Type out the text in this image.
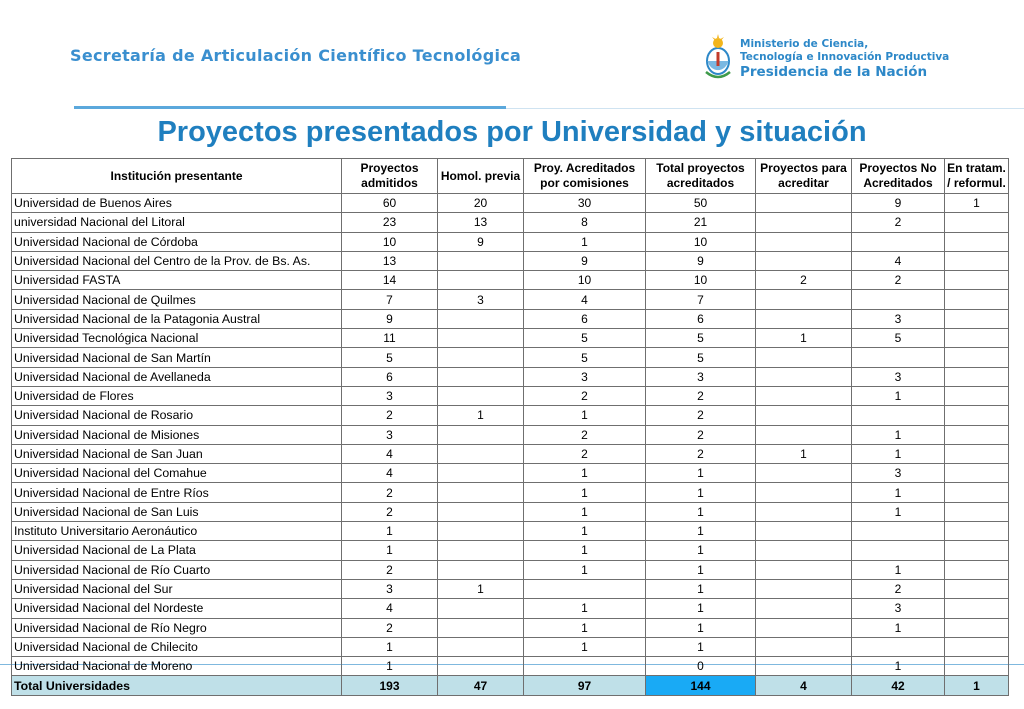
Secretaría de Articulación Científico Tecnológica
Ministerio de Ciencia,
Tecnología e Innovación Productiva
Presidencia de la Nación
Proyectos presentados por Universidad y situación
Institución presentante	Proyectos admitidos	Homol. previa	Proy. Acreditados por comisiones	Total proyectos acreditados	Proyectos para acreditar	Proyectos No Acreditados	En tratam. / reformul.
Universidad de Buenos Aires	60	20	30	50		9	1
universidad Nacional del Litoral	23	13	8	21		2	
Universidad Nacional de Córdoba	10	9	1	10			
Universidad Nacional del Centro de la Prov. de Bs. As.	13		9	9		4	
Universidad FASTA	14		10	10	2	2	
Universidad Nacional de Quilmes	7	3	4	7			
Universidad Nacional de la Patagonia Austral	9		6	6		3	
Universidad Tecnológica Nacional	11		5	5	1	5	
Universidad Nacional de San Martín	5		5	5			
Universidad Nacional de Avellaneda	6		3	3		3	
Universidad de Flores	3		2	2		1	
Universidad Nacional de Rosario	2	1	1	2			
Universidad Nacional de Misiones	3		2	2		1	
Universidad Nacional de San Juan	4		2	2	1	1	
Universidad Nacional del Comahue	4		1	1		3	
Universidad Nacional de Entre Ríos	2		1	1		1	
Universidad Nacional de San Luis	2		1	1		1	
Instituto Universitario Aeronáutico	1		1	1			
Universidad Nacional de La Plata	1		1	1			
Universidad Nacional de Río Cuarto	2		1	1		1	
Universidad Nacional del Sur	3	1		1		2	
Universidad Nacional del Nordeste	4		1	1		3	
Universidad Nacional de Río Negro	2		1	1		1	
Universidad Nacional de Chilecito	1		1	1			
Universidad Nacional de Moreno	1			0		1	
Total Universidades	193	47	97	144	4	42	1
